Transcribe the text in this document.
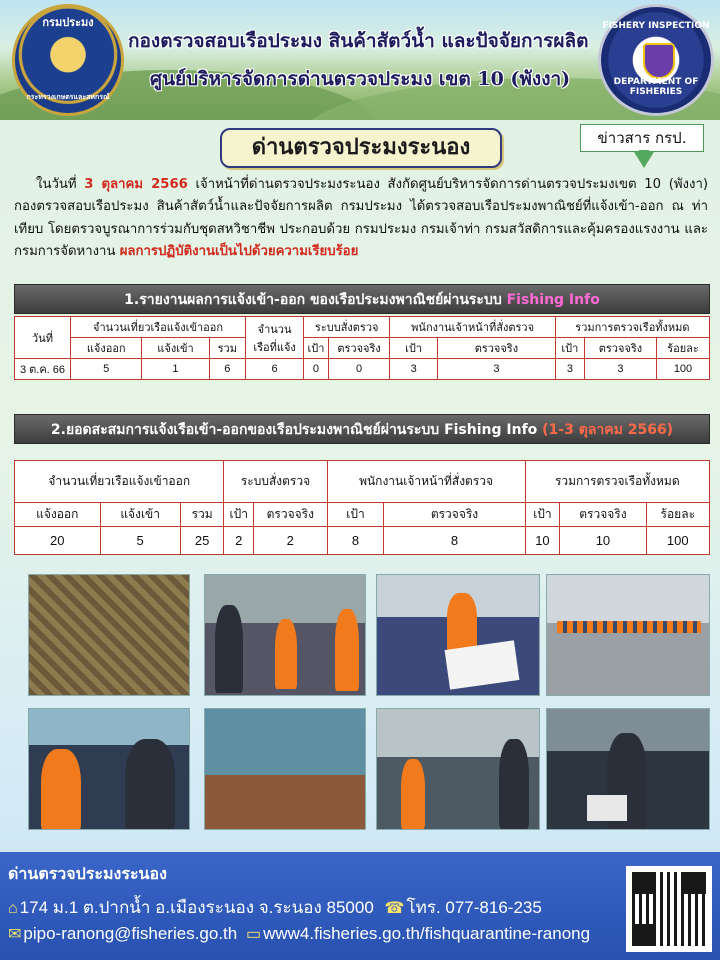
กรมประมง
กระทรวงเกษตรและสหกรณ์
กองตรวจสอบเรือประมง สินค้าสัตว์น้ำ และปัจจัยการผลิต
ศูนย์บริหารจัดการด่านตรวจประมง เขต 10 (พังงา)
FISHERY INSPECTION
DEPARTMENT OF FISHERIES
ด่านตรวจประมงระนอง	ข่าวสาร กรป.
ในวันที่ 3 ตุลาคม 2566 เจ้าหน้าที่ด่านตรวจประมงระนอง สังกัดศูนย์บริหารจัดการด่านตรวจประมงเขต 10 (พังงา) กองตรวจสอบเรือประมง สินค้าสัตว์น้ำและปัจจัยการผลิต กรมประมง ได้ตรวจสอบเรือประมงพาณิชย์ที่แจ้งเข้า-ออก ณ ท่าเทียบ โดยตรวจบูรณาการร่วมกับชุดสหวิชาชีพ ประกอบด้วย กรมประมง กรมเจ้าท่า กรมสวัสดิการและคุ้มครองแรงงาน และกรมการจัดหางาน ผลการปฏิบัติงานเป็นไปด้วยความเรียบร้อย
1.รายงานผลการแจ้งเข้า-ออก ของเรือประมงพาณิชย์ผ่านระบบ Fishing Info
วันที่	จำนวนเที่ยวเรือแจ้งเข้าออก			จำนวน
เรือที่แจ้ง	ระบบสั่งตรวจ		พนักงานเจ้าหน้าที่สั่งตรวจ		รวมการตรวจเรือทั้งหมด		
	แจ้งออก	แจ้งเข้า	รวม		เป้า	ตรวจจริง	เป้า	ตรวจจริง	เป้า	ตรวจจริง	ร้อยละ
3 ต.ค. 66	5	1	6	6	0	0	3	3	3	3	100
2.ยอดสะสมการแจ้งเรือเข้า-ออกของเรือประมงพาณิชย์ผ่านระบบ Fishing Info (1-3 ตุลาคม 2566)
จำนวนเที่ยวเรือแจ้งเข้าออก			ระบบสั่งตรวจ		พนักงานเจ้าหน้าที่สั่งตรวจ		รวมการตรวจเรือทั้งหมด		
แจ้งออก	แจ้งเข้า	รวม	เป้า	ตรวจจริง	เป้า	ตรวจจริง	เป้า	ตรวจจริง	ร้อยละ
20	5	25	2	2	8	8	10	10	100
ด่านตรวจประมงระนอง
⌂ 174 ม.1 ต.ปากน้ำ อ.เมืองระนอง จ.ระนอง 85000 ☎ โทร. 077-816-235
✉ pipo-ranong@fisheries.go.th ▭ www4.fisheries.go.th/fishquarantine-ranong
